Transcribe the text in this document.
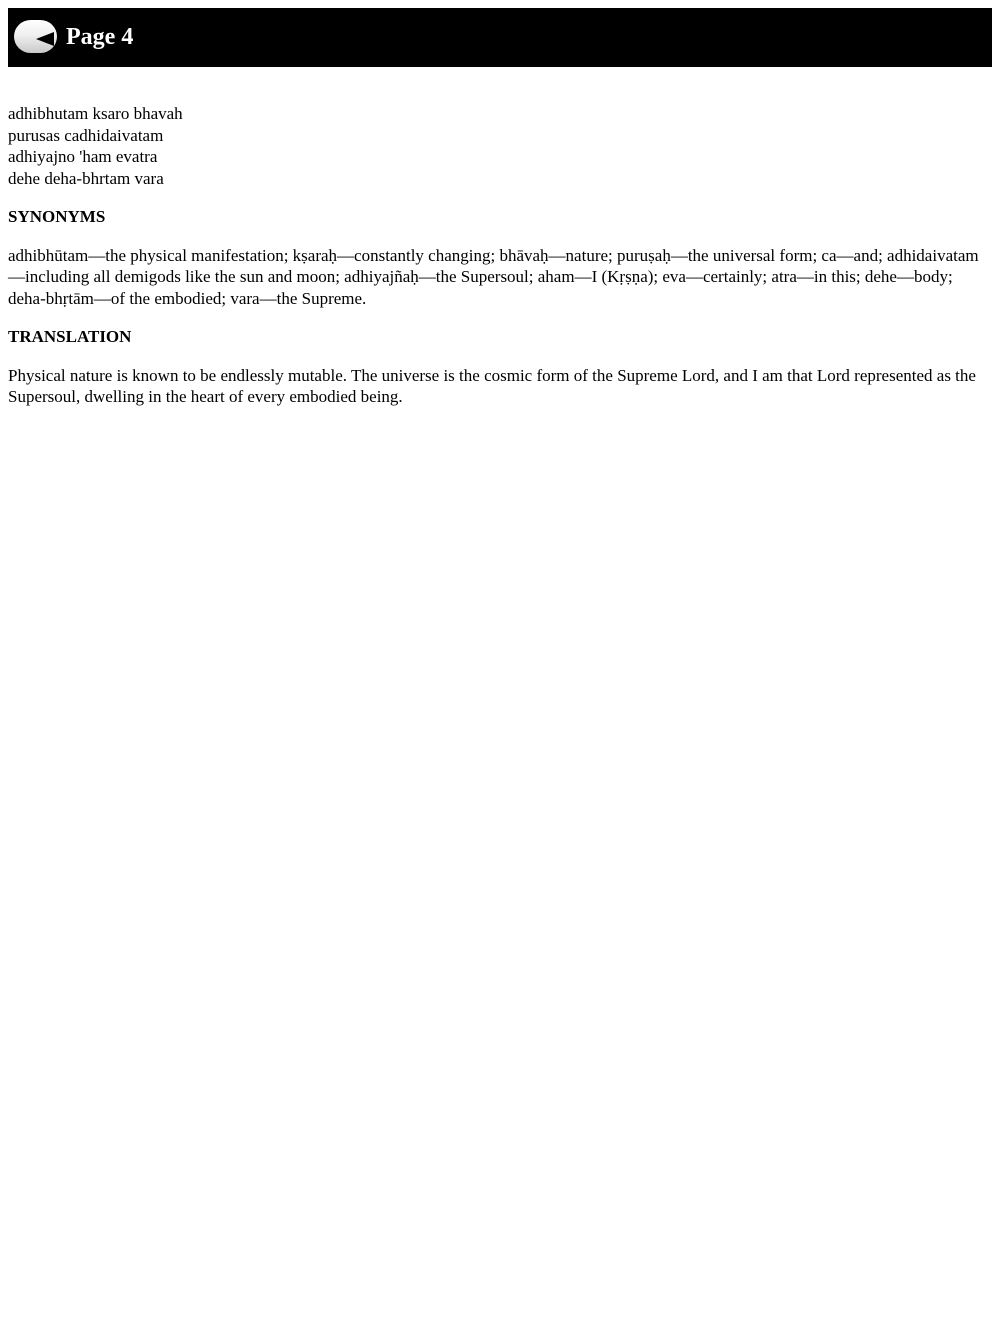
Page 4
adhibhutam ksaro bhavah
purusas cadhidaivatam
adhiyajno 'ham evatra
dehe deha-bhrtam vara
SYNONYMS
adhibhūtam—the physical manifestation; kṣaraḥ—constantly changing; bhāvaḥ—nature; puruṣaḥ—the universal form; ca—and; adhidaivatam—including all demigods like the sun and moon; adhiyajñaḥ—the Supersoul; aham—I (Kṛṣṇa); eva—certainly; atra—in this; dehe—body; deha-bhṛtām—of the embodied; vara—the Supreme.
TRANSLATION
Physical nature is known to be endlessly mutable. The universe is the cosmic form of the Supreme Lord, and I am that Lord represented as the Supersoul, dwelling in the heart of every embodied being.
